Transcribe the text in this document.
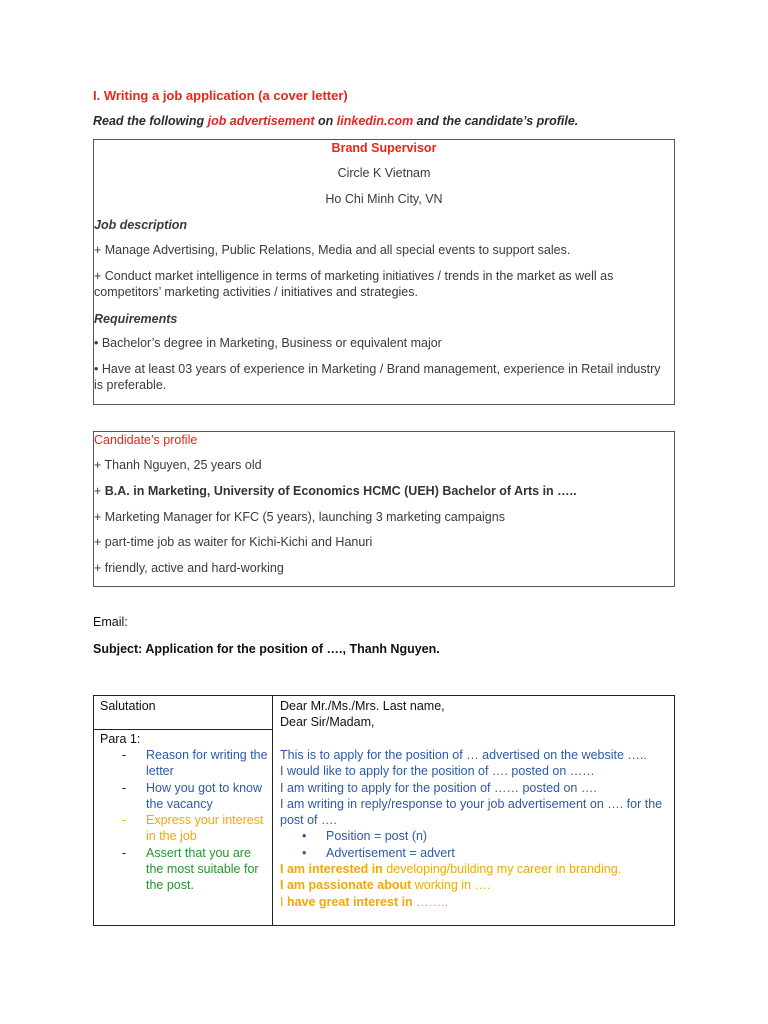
I. Writing a job application (a cover letter)
Read the following job advertisement on linkedin.com and the candidate’s profile.
Brand Supervisor
Circle K Vietnam
Ho Chi Minh City, VN
Job description
+ Manage Advertising, Public Relations, Media and all special events to support sales.
+ Conduct market intelligence in terms of marketing initiatives / trends in the market as well as competitors’ marketing activities / initiatives and strategies.
Requirements
• Bachelor’s degree in Marketing, Business or equivalent major
• Have at least 03 years of experience in Marketing / Brand management, experience in Retail industry is preferable.
Candidate’s profile
+ Thanh Nguyen, 25 years old
+ B.A. in Marketing, University of Economics HCMC (UEH) Bachelor of Arts in …..
+ Marketing Manager for KFC (5 years), launching 3 marketing campaigns
+ part-time job as waiter for Kichi-Kichi and Hanuri
+ friendly, active and hard-working
Email:
Subject: Application for the position of …., Thanh Nguyen.
Salutation	Dear Mr./Ms./Mrs. Last name,
Dear Sir/Madam,
Para 1:
- Reason for writing the letter
- How you got to know the vacancy
- Express your interest in the job
- Assert that you are the most suitable for the post.
This is to apply for the position of … advertised on the website …..
I would like to apply for the position of …. posted on ……
I am writing to apply for the position of …… posted on ….
I am writing in reply/response to your job advertisement on …. for the post of ….
• Position = post (n)
• Advertisement = advert
I am interested in developing/building my career in branding.
I am passionate about working in ….
I have great interest in ……..
